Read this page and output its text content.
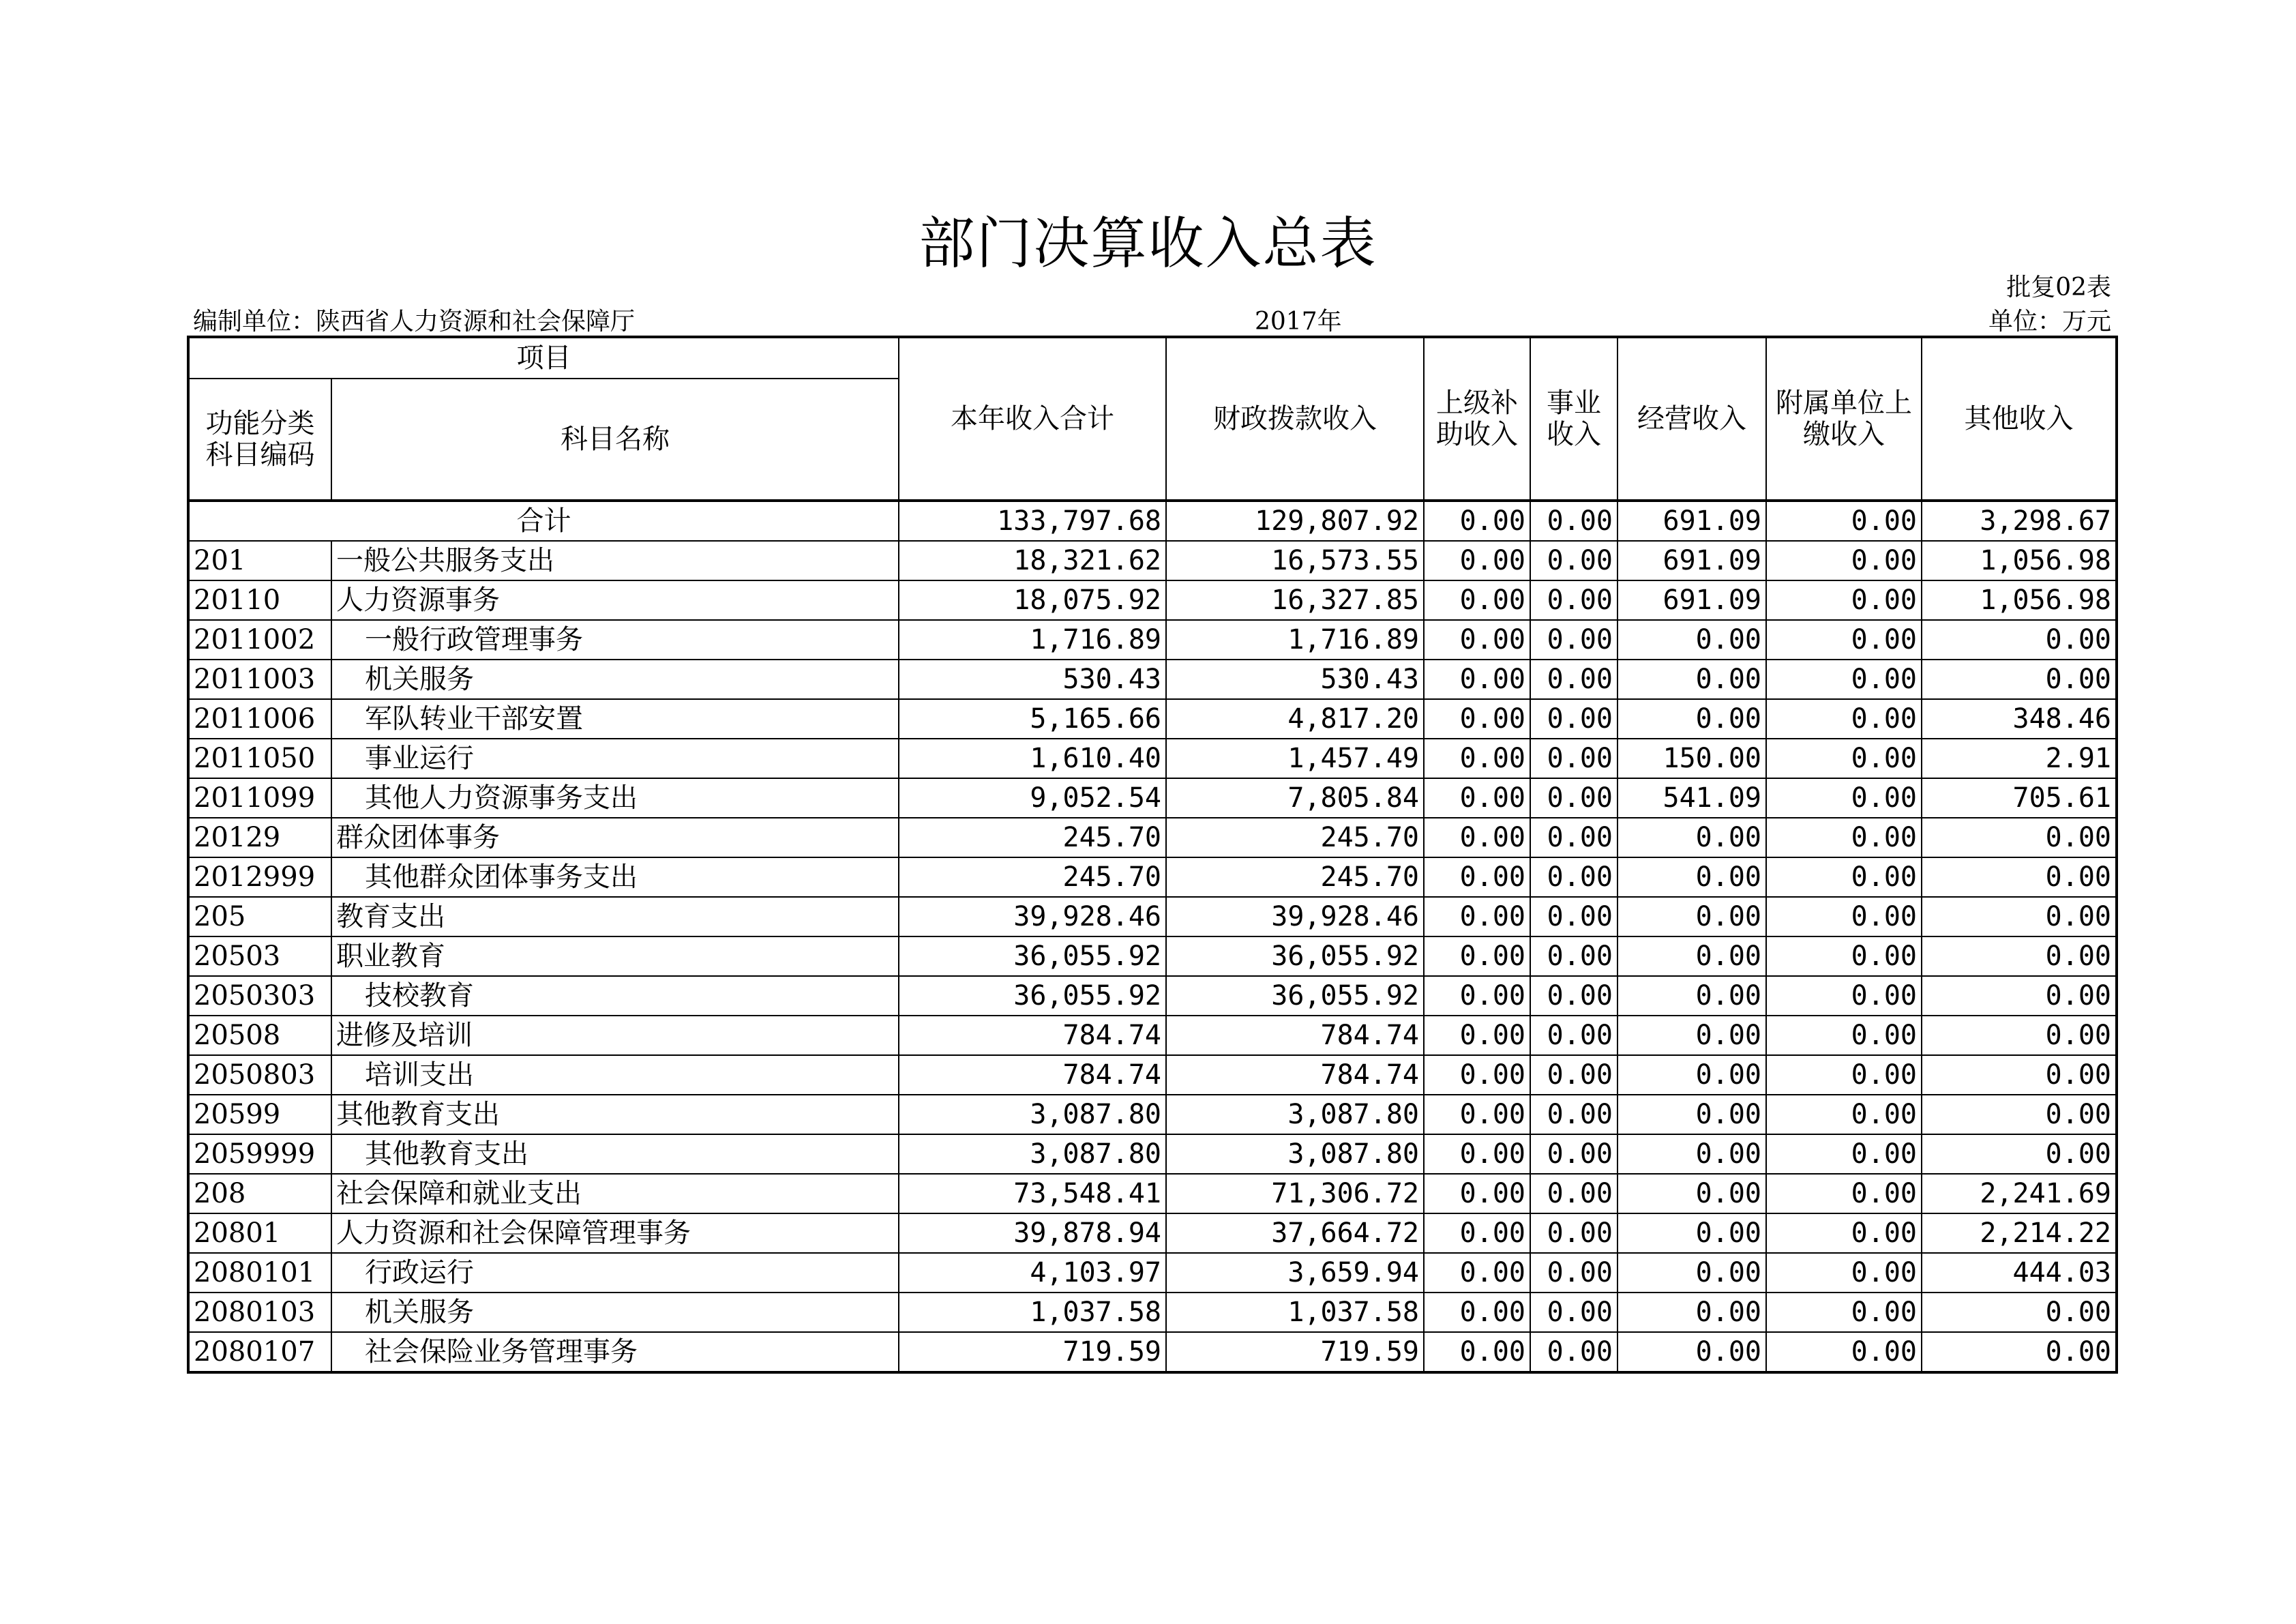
部门决算收入总表
批复02表
编制单位：陕西省人力资源和社会保障厅	2017年	单位：万元
项目		本年收入合计	财政拨款收入	上级补助收入	事业收入	经营收入	附属单位上缴收入	其他收入
功能分类科目编码	科目名称							
合计		133,797.68	129,807.92	0.00	0.00	691.09	0.00	3,298.67
201	一般公共服务支出	18,321.62	16,573.55	0.00	0.00	691.09	0.00	1,056.98
20110	人力资源事务	18,075.92	16,327.85	0.00	0.00	691.09	0.00	1,056.98
2011002	一般行政管理事务	1,716.89	1,716.89	0.00	0.00	0.00	0.00	0.00
2011003	机关服务	530.43	530.43	0.00	0.00	0.00	0.00	0.00
2011006	军队转业干部安置	5,165.66	4,817.20	0.00	0.00	0.00	0.00	348.46
2011050	事业运行	1,610.40	1,457.49	0.00	0.00	150.00	0.00	2.91
2011099	其他人力资源事务支出	9,052.54	7,805.84	0.00	0.00	541.09	0.00	705.61
20129	群众团体事务	245.70	245.70	0.00	0.00	0.00	0.00	0.00
2012999	其他群众团体事务支出	245.70	245.70	0.00	0.00	0.00	0.00	0.00
205	教育支出	39,928.46	39,928.46	0.00	0.00	0.00	0.00	0.00
20503	职业教育	36,055.92	36,055.92	0.00	0.00	0.00	0.00	0.00
2050303	技校教育	36,055.92	36,055.92	0.00	0.00	0.00	0.00	0.00
20508	进修及培训	784.74	784.74	0.00	0.00	0.00	0.00	0.00
2050803	培训支出	784.74	784.74	0.00	0.00	0.00	0.00	0.00
20599	其他教育支出	3,087.80	3,087.80	0.00	0.00	0.00	0.00	0.00
2059999	其他教育支出	3,087.80	3,087.80	0.00	0.00	0.00	0.00	0.00
208	社会保障和就业支出	73,548.41	71,306.72	0.00	0.00	0.00	0.00	2,241.69
20801	人力资源和社会保障管理事务	39,878.94	37,664.72	0.00	0.00	0.00	0.00	2,214.22
2080101	行政运行	4,103.97	3,659.94	0.00	0.00	0.00	0.00	444.03
2080103	机关服务	1,037.58	1,037.58	0.00	0.00	0.00	0.00	0.00
2080107	社会保险业务管理事务	719.59	719.59	0.00	0.00	0.00	0.00	0.00
